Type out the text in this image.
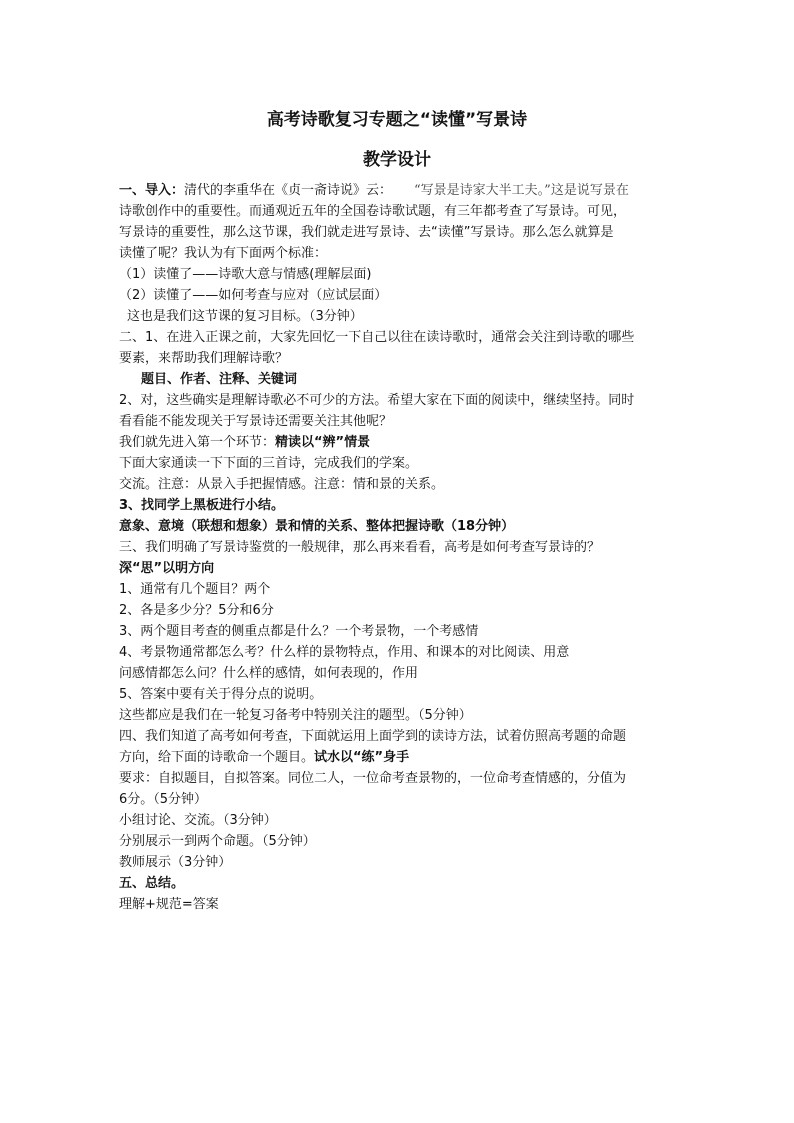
高考诗歌复习专题之“读懂”写景诗
教学设计
一、导入：清代的李重华在《贞一斋诗说》云： “写景是诗家大半工夫。”这是说写景在
诗歌创作中的重要性。而通观近五年的全国卷诗歌试题，有三年都考查了写景诗。可见，
写景诗的重要性，那么这节课，我们就走进写景诗、去“读懂”写景诗。那么怎么就算是
读懂了呢？我认为有下面两个标准：
（1）读懂了——诗歌大意与情感(理解层面)
（2）读懂了——如何考查与应对（应试层面）
这也是我们这节课的复习目标。（3分钟）
二、1、在进入正课之前，大家先回忆一下自己以往在读诗歌时，通常会关注到诗歌的哪些
要素，来帮助我们理解诗歌？
题目、作者、注释、关键词
2、对，这些确实是理解诗歌必不可少的方法。希望大家在下面的阅读中，继续坚持。同时
看看能不能发现关于写景诗还需要关注其他呢？
我们就先进入第一个环节：精读以“辨”情景
下面大家通读一下下面的三首诗，完成我们的学案。
交流。注意：从景入手把握情感。注意：情和景的关系。
3、找同学上黑板进行小结。
意象、意境（联想和想象）景和情的关系、整体把握诗歌（18分钟）
三、我们明确了写景诗鉴赏的一般规律，那么再来看看，高考是如何考查写景诗的？
深“思”以明方向
1、通常有几个题目？两个
2、各是多少分？5分和6分
3、两个题目考查的侧重点都是什么？一个考景物，一个考感情
4、考景物通常都怎么考？什么样的景物特点，作用、和课本的对比阅读、用意
问感情都怎么问？什么样的感情，如何表现的，作用
5、答案中要有关于得分点的说明。
这些都应是我们在一轮复习备考中特别关注的题型。（5分钟）
四、我们知道了高考如何考查，下面就运用上面学到的读诗方法，试着仿照高考题的命题
方向，给下面的诗歌命一个题目。试水以“练”身手
要求：自拟题目，自拟答案。同位二人，一位命考查景物的，一位命考查情感的，分值为
6分。（5分钟）
小组讨论、交流。（3分钟）
分别展示一到两个命题。（5分钟）
教师展示（3分钟）
五、总结。
理解+规范=答案
